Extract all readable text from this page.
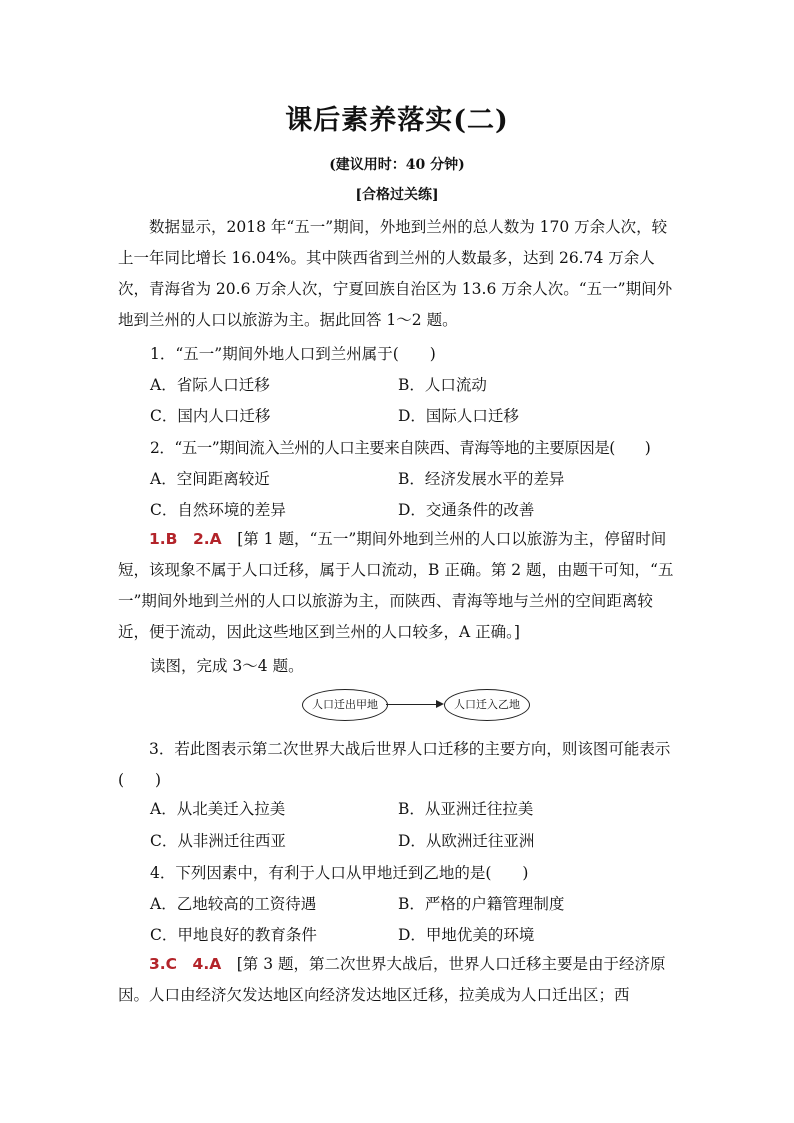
课后素养落实(二)
(建议用时：40 分钟)
[合格过关练]

数据显示，2018 年“五一”期间，外地到兰州的总人数为 170 万余人次，较上一年同比增长 16.04%。其中陕西省到兰州的人数最多，达到 26.74 万余人次，青海省为 20.6 万余人次，宁夏回族自治区为 13.6 万余人次。“五一”期间外地到兰州的人口以旅游为主。据此回答 1～2 题。

1．“五一”期间外地人口到兰州属于(　　)
A．省际人口迁移	B．人口流动
C．国内人口迁移	D．国际人口迁移
2．“五一”期间流入兰州的人口主要来自陕西、青海等地的主要原因是(　　)
A．空间距离较近	B．经济发展水平的差异
C．自然环境的差异	D．交通条件的改善

1.B　2.A　 [第 1 题，“五一”期间外地到兰州的人口以旅游为主，停留时间短，该现象不属于人口迁移，属于人口流动，B 正确。第 2 题，由题干可知，“五一”期间外地到兰州的人口以旅游为主，而陕西、青海等地与兰州的空间距离较近，便于流动，因此这些地区到兰州的人口较多，A 正确。]

读图，完成 3～4 题。
人口迁出甲地	人口迁入乙地

3．若此图表示第二次世界大战后世界人口迁移的主要方向，则该图可能表示(　　)

A．从北美迁入拉美	B．从亚洲迁往拉美
C．从非洲迁往西亚	D．从欧洲迁往亚洲
4．下列因素中，有利于人口从甲地迁到乙地的是(　　)
A．乙地较高的工资待遇	B．严格的户籍管理制度
C．甲地良好的教育条件	D．甲地优美的环境

3.C　4.A　 [第 3 题，第二次世界大战后，世界人口迁移主要是由于经济原因。人口由经济欠发达地区向经济发达地区迁移，拉美成为人口迁出区；西
